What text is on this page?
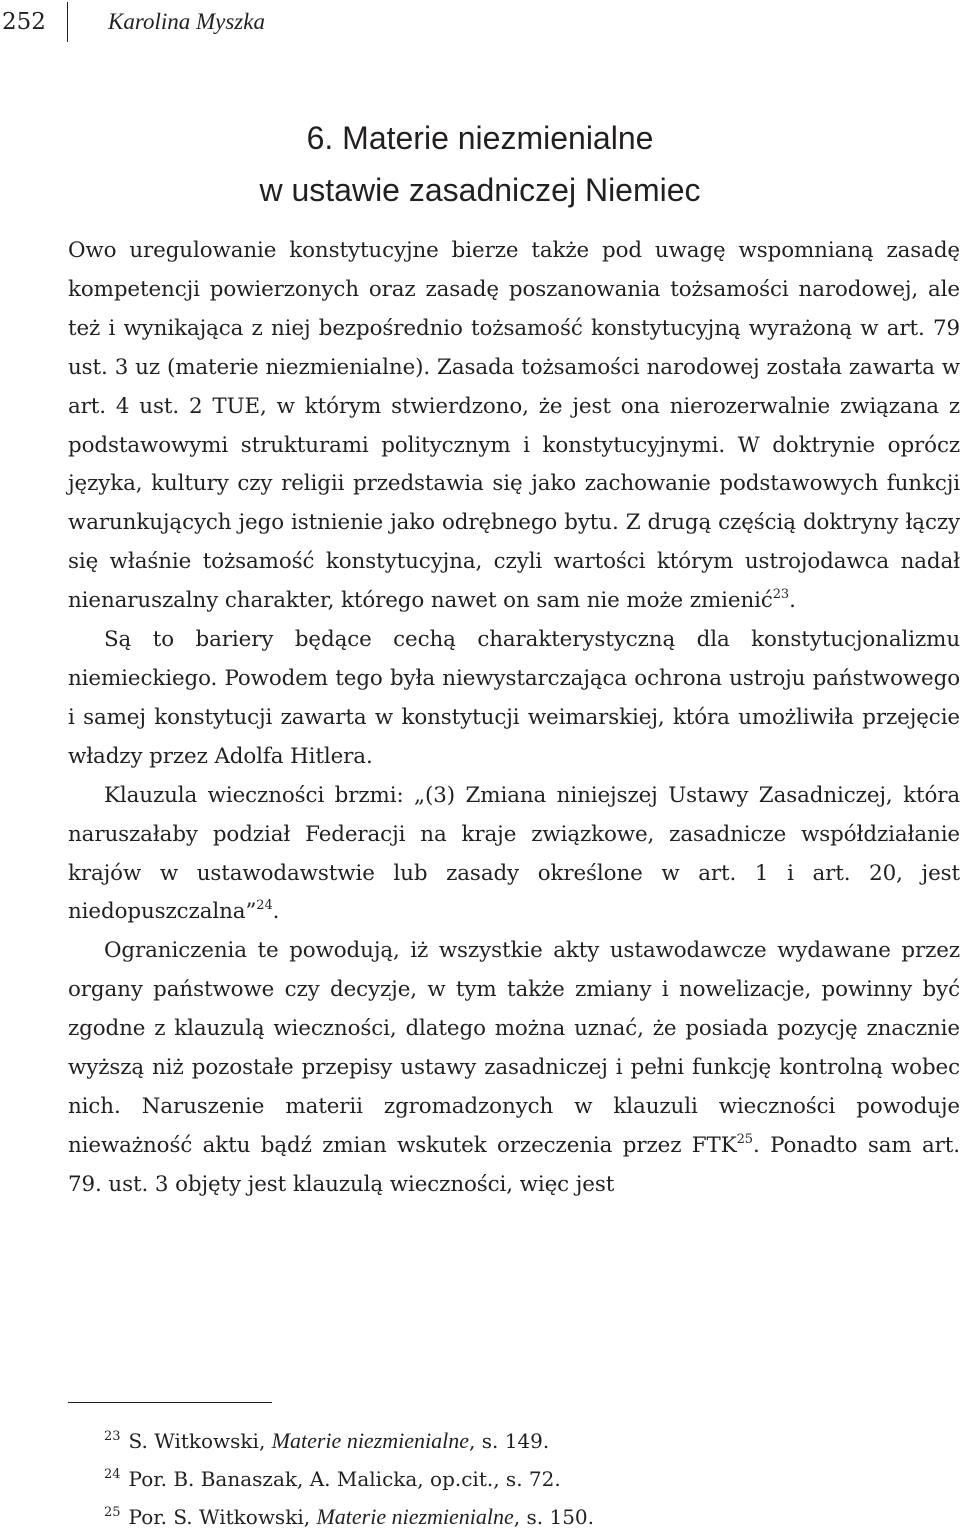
252	Karolina Myszka
6. Materie niezmienialne
w ustawie zasadniczej Niemiec

Owo uregulowanie konstytucyjne bierze także pod uwagę wspomnianą zasadę kompetencji powierzonych oraz zasadę poszanowania tożsamości narodowej, ale też i wynikająca z niej bezpośrednio tożsamość konstytucyjną wyrażoną w art. 79 ust. 3 uz (materie niezmienialne). Zasada tożsamości narodowej została zawarta w art. 4 ust. 2 TUE, w którym stwierdzono, że jest ona nierozerwalnie związana z podstawowymi strukturami politycznym i konstytucyjnymi. W doktrynie oprócz języka, kultury czy religii przedstawia się jako zachowanie podstawowych funkcji warunkujących jego istnienie jako odrębnego bytu. Z drugą częścią doktryny łączy się właśnie tożsamość konstytucyjna, czyli wartości którym ustrojodawca nadał nienaruszalny charakter, którego nawet on sam nie może zmienić$^{23}$.

Są to bariery będące cechą charakterystyczną dla konstytucjonalizmu niemieckiego. Powodem tego była niewystarczająca ochrona ustroju państwowego i samej konstytucji zawarta w konstytucji weimarskiej, która umożliwiła przejęcie władzy przez Adolfa Hitlera.

Klauzula wieczności brzmi: „(3) Zmiana niniejszej Ustawy Zasadniczej, która naruszałaby podział Federacji na kraje związkowe, zasadnicze współdziałanie krajów w ustawodawstwie lub zasady określone w art. 1 i art. 20, jest niedopuszczalna”$^{24}$.

Ograniczenia te powodują, iż wszystkie akty ustawodawcze wydawane przez organy państwowe czy decyzje, w tym także zmiany i nowelizacje, powinny być zgodne z klauzulą wieczności, dlatego można uznać, że posiada pozycję znacznie wyższą niż pozostałe przepisy ustawy zasadniczej i pełni funkcję kontrolną wobec nich. Naruszenie materii zgromadzonych w klauzuli wieczności powoduje nieważność aktu bądź zmian wskutek orzeczenia przez FTK$^{25}$. Ponadto sam art. 79. ust. 3 objęty jest klauzulą wieczności, więc jest

$^{23}$ S. Witkowski, Materie niezmienialne, s. 149.

$^{24}$ Por. B. Banaszak, A. Malicka, op.cit., s. 72.

$^{25}$ Por. S. Witkowski, Materie niezmienialne, s. 150.
